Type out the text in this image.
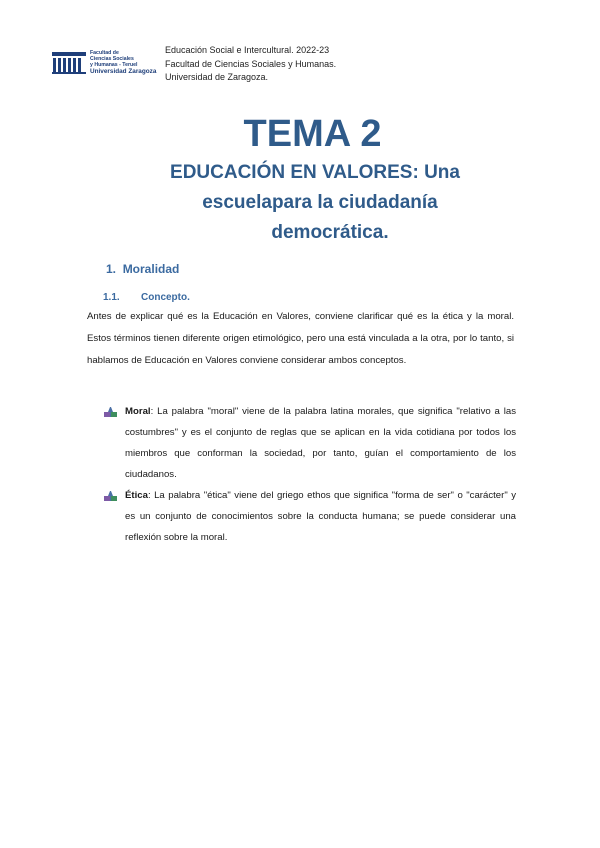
Facultad de
Ciencias Sociales
y Humanas - Teruel
Universidad Zaragoza
Educación Social e Intercultural. 2022-23
Facultad de Ciencias Sociales y Humanas.
Universidad de Zaragoza.
TEMA 2
EDUCACIÓN EN VALORES: Una
escuelapara la ciudadanía
democrática.
1. Moralidad
1.1. Concepto.
Antes de explicar qué es la Educación en Valores, conviene clarificar qué es la ética y la moral. Estos términos tienen diferente origen etimológico, pero una está vinculada a la otra, por lo tanto, si hablamos de Educación en Valores conviene considerar ambos conceptos.
Moral: La palabra "moral" viene de la palabra latina morales, que significa "relativo a las costumbres" y es el conjunto de reglas que se aplican en la vida cotidiana por todos los miembros que conforman la sociedad, por tanto, guían el comportamiento de los ciudadanos.
Ética: La palabra "ética" viene del griego ethos que significa "forma de ser" o "carácter" y es un conjunto de conocimientos sobre la conducta humana; se puede considerar una reflexión sobre la moral.
